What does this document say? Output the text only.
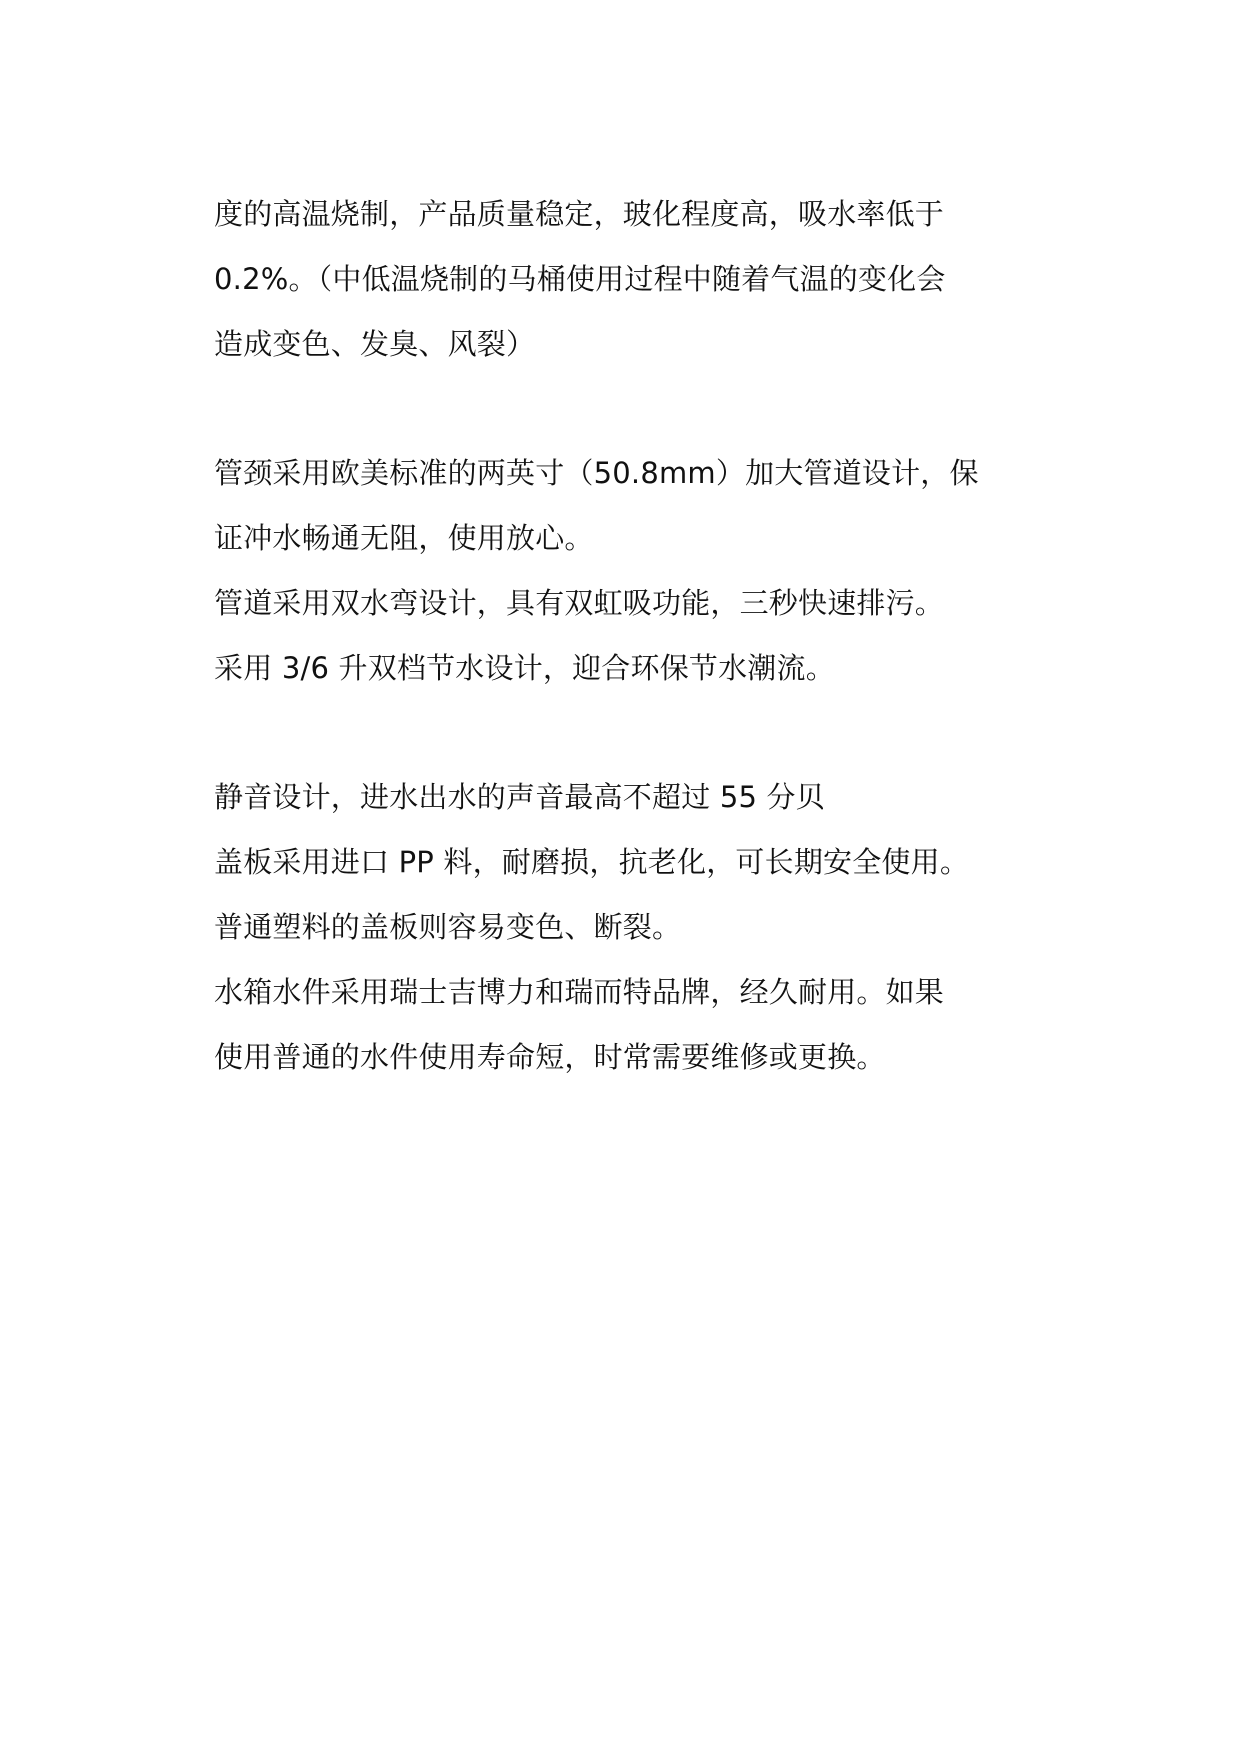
度的高温烧制，产品质量稳定，玻化程度高，吸水率低于
0.2%。（中低温烧制的马桶使用过程中随着气温的变化会
造成变色、发臭、风裂）
管颈采用欧美标准的两英寸（50.8mm）加大管道设计，保
证冲水畅通无阻，使用放心。
管道采用双水弯设计，具有双虹吸功能，三秒快速排污。
采用 3/6 升双档节水设计，迎合环保节水潮流。
静音设计，进水出水的声音最高不超过 55 分贝
盖板采用进口 PP 料，耐磨损，抗老化，可长期安全使用。
普通塑料的盖板则容易变色、断裂。
水箱水件采用瑞士吉博力和瑞而特品牌，经久耐用。如果
使用普通的水件使用寿命短，时常需要维修或更换。
